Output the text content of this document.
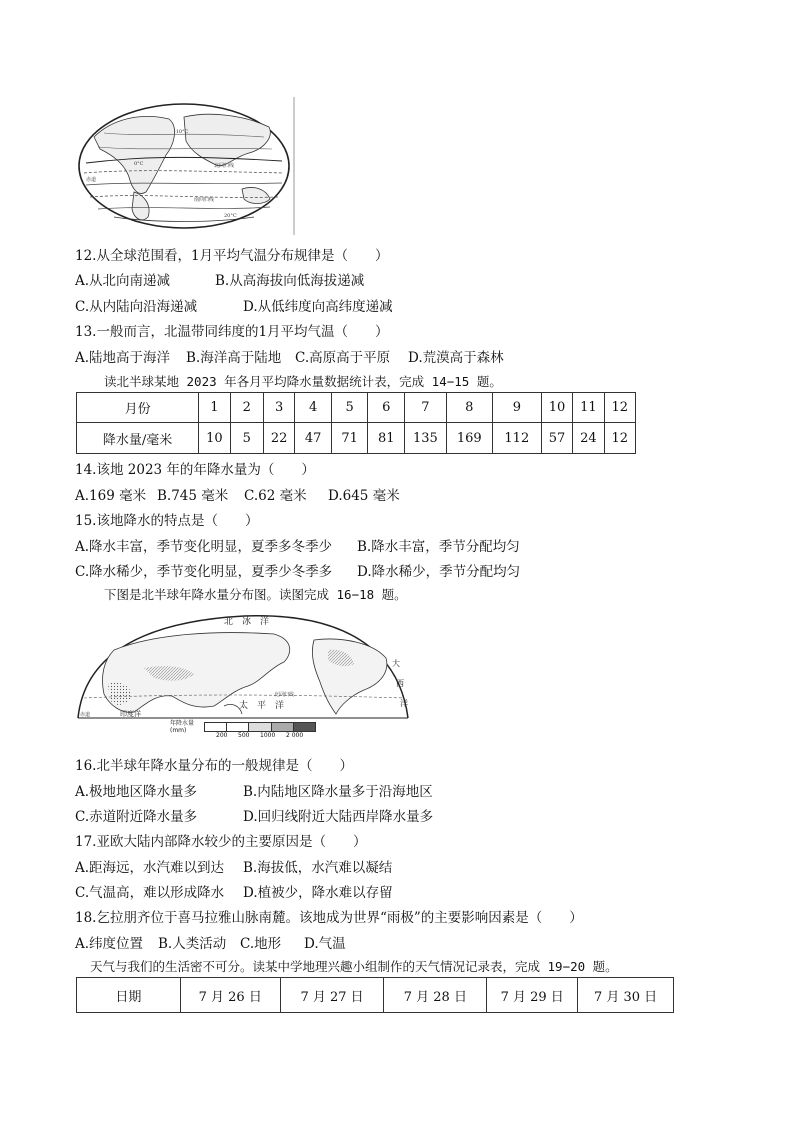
北回归线
赤道
南回归线
0°C
20°C
-10°C
12.从全球范围看，1月平均气温分布规律是（　　）
A.从北向南递减	B.从高海拔向低海拔递减
C.从内陆向沿海递减	D.从低纬度向高纬度递减
13.一般而言，北温带同纬度的1月平均气温（　　）
A.陆地高于海洋 B.海洋高于陆地 C.高原高于平原 D.荒漠高于森林
读北半球某地 2023 年各月平均降水量数据统计表，完成 14−15 题。
月份	1	2	3	4	5	6	7	8	9	10	11	12
降水量/毫米	10	5	22	47	71	81	135	169	112	57	24	12
14.该地 2023 年的年降水量为（　　）
A.169 毫米 B.745 毫米 C.62 毫米 D.645 毫米
15.该地降水的特点是（　　）
A.降水丰富，季节变化明显，夏季多冬季少 B.降水丰富，季节分配均匀
C.降水稀少，季节变化明显，夏季少冬季多 D.降水稀少，季节分配均匀
下图是北半球年降水量分布图。读图完成 16−18 题。
北　冰　洋
太　平　洋
大
西
洋
印度洋
赤道
北回归线
年降水量
(mm)
200 500 1000 2 000
16.北半球年降水量分布的一般规律是（　　）
A.极地地区降水量多	B.内陆地区降水量多于沿海地区
C.赤道附近降水量多	D.回归线附近大陆西岸降水量多
17.亚欧大陆内部降水较少的主要原因是（　　）
A.距海远，水汽难以到达 B.海拔低，水汽难以凝结
C.气温高，难以形成降水 D.植被少，降水难以存留
18.乞拉朋齐位于喜马拉雅山脉南麓。该地成为世界“雨极”的主要影响因素是（　　）
A.纬度位置 B.人类活动 C.地形 D.气温
天气与我们的生活密不可分。读某中学地理兴趣小组制作的天气情况记录表，完成 19−20 题。
日期	7 月 26 日	7 月 27 日	7 月 28 日	7 月 29 日	7 月 30 日
